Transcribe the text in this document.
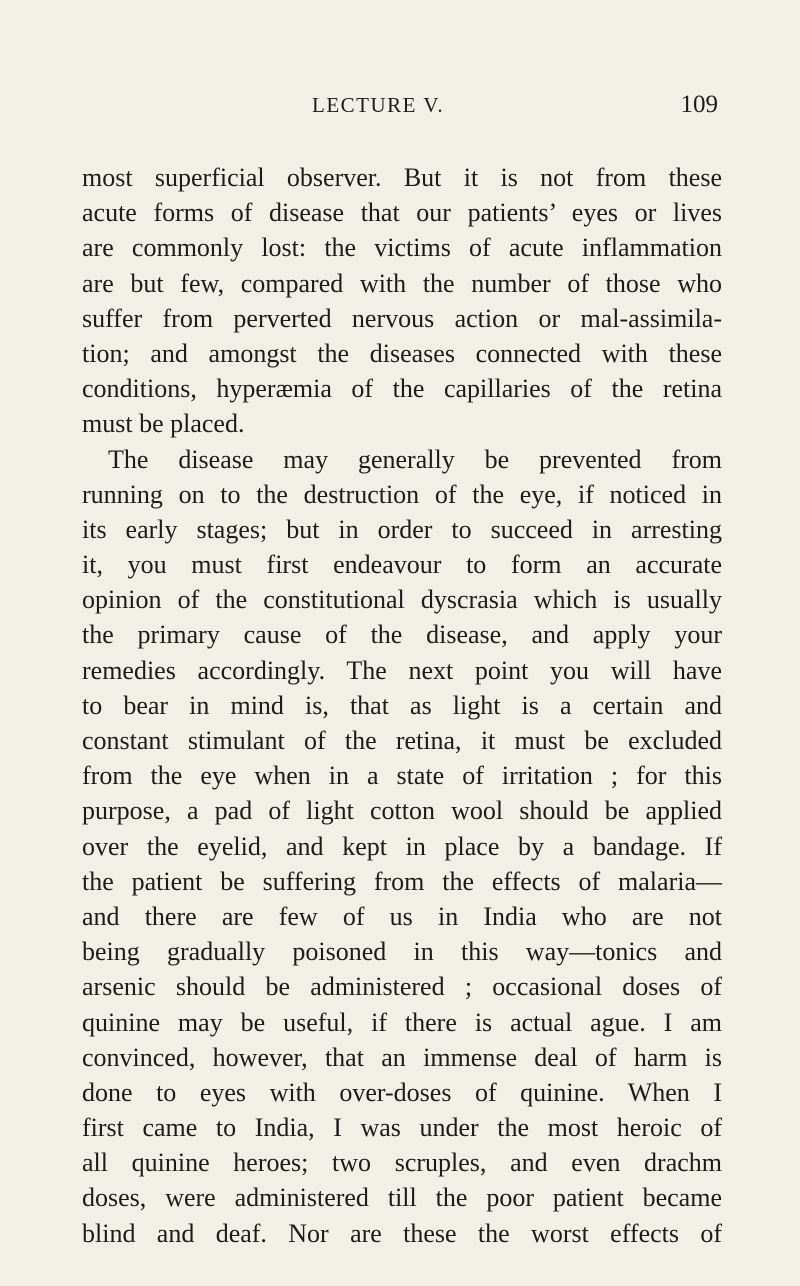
LECTURE V.	109
most superficial observer. But it is not from these
acute forms of disease that our patients’ eyes or lives
are commonly lost: the victims of acute inflammation
are but few, compared with the number of those who
suffer from perverted nervous action or mal-assimila-
tion; and amongst the diseases connected with these
conditions, hyperæmia of the capillaries of the retina
must be placed.
The disease may generally be prevented from
running on to the destruction of the eye, if noticed in
its early stages; but in order to succeed in arresting
it, you must first endeavour to form an accurate
opinion of the constitutional dyscrasia which is usually
the primary cause of the disease, and apply your
remedies accordingly. The next point you will have
to bear in mind is, that as light is a certain and
constant stimulant of the retina, it must be excluded
from the eye when in a state of irritation ; for this
purpose, a pad of light cotton wool should be applied
over the eyelid, and kept in place by a bandage. If
the patient be suffering from the effects of malaria—
and there are few of us in India who are not
being gradually poisoned in this way—tonics and
arsenic should be administered ; occasional doses of
quinine may be useful, if there is actual ague. I am
convinced, however, that an immense deal of harm is
done to eyes with over-doses of quinine. When I
first came to India, I was under the most heroic of
all quinine heroes; two scruples, and even drachm
doses, were administered till the poor patient became
blind and deaf. Nor are these the worst effects of
